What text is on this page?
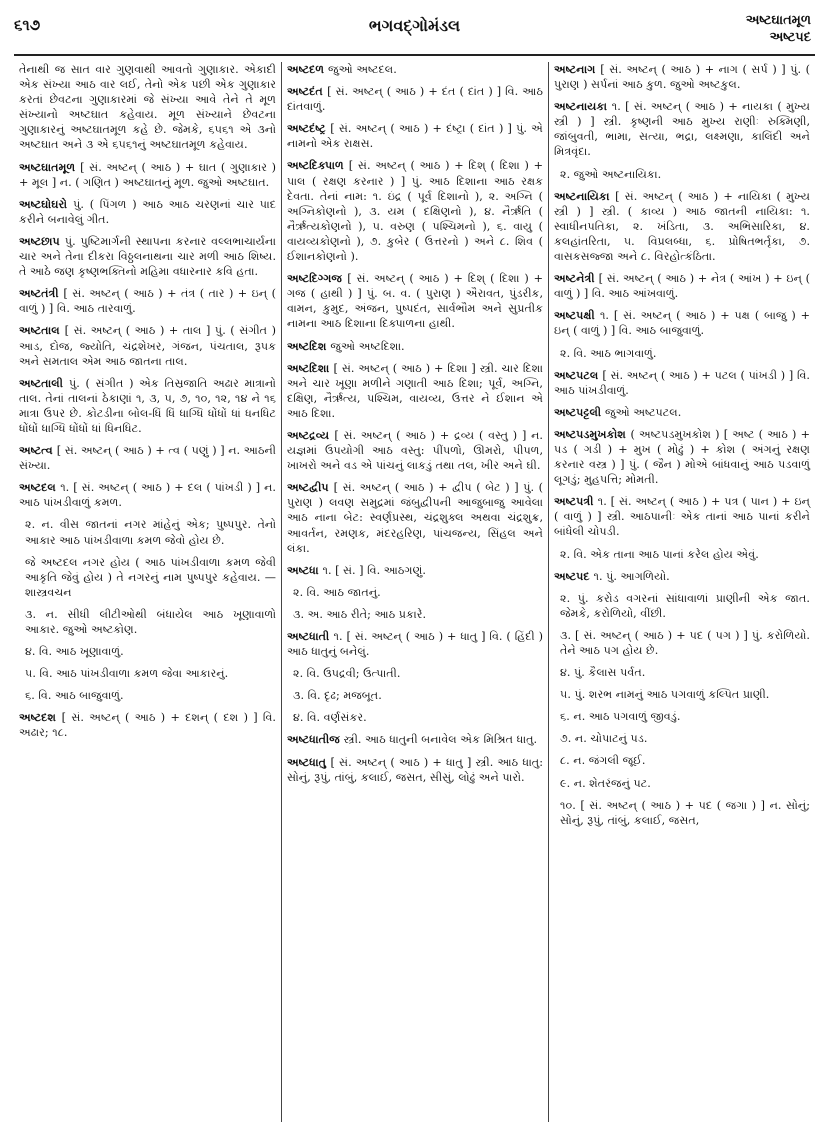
૬૧૭	ભગવદ્ગોમંડલ	અષ્ટઘાતમૂળ
અષ્ટપદ

તેનાથી જ સાત વાર ગુણવાથી આવતો ગુણાકાર. એકાદી એક સંખ્યા આઠ વાર લઈ, તેનો એક પછી એક ગુણાકાર કરતાં છેવટના ગુણાકારમાં જે સંખ્યા આવે તેને તે મૂળ સંખ્યાનો અષ્ટઘાત કહેવાય. મૂળ સંખ્યાને છેવટના ગુણાકારનું અષ્ટઘાતમૂળ કહે છે. જેમકે, ૬૫૬૧ એ ૩નો અષ્ટઘાત અને ૩ એ ૬૫૬૧નું અષ્ટઘાતમૂળ કહેવાય.

અષ્ટઘાતમૂળ [ સં. અષ્ટન્ ( આઠ ) + ઘાત ( ગુણાકાર ) + મૂલ ] ન. ( ગણિત ) અષ્ટઘાતનું મૂળ. જુઓ અષ્ટઘાત.

અષ્ટઘોઘરો પું. ( પિંગળ ) આઠ આઠ ચરણનાં ચાર પાદ કરીને બનાવેલું ગીત.

અષ્ટછાપ પું. પુષ્ટિમાર્ગની સ્થાપના કરનાર વલ્લભાચાર્યના ચાર અને તેના દીકરા વિઠ્ઠલનાથના ચાર મળી આઠ શિષ્ય. તે આઠે જણ કૃષ્ણભક્તિનો મહિમા વધારનાર કવિ હતા.

અષ્ટતંત્રી [ સં. અષ્ટન્ ( આઠ ) + તંત્ર ( તાર ) + ઇન્ ( વાળું ) ] વિ. આઠ તારવાળું.

અષ્ટતાલ [ સં. અષ્ટન્ ( આઠ ) + તાલ ] પું. ( સંગીત ) આડ, દોજ, જ્યોતિ, ચંદ્રશેખર, ગંજન, પંચતાલ, રૂપક અને સમતાલ એમ આઠ જાતના તાલ.

અષ્ટતાલી પું. ( સંગીત ) એક તિસ્રજાતિ અઢાર માત્રાનો તાલ. તેનાં તાલનાં ઠેકાણાં ૧, ૩, ૫, ૭, ૧૦, ૧૨, ૧૪ ને ૧૬ માત્રા ઉપર છે. કોટડીના બોલ-ધિં ધિં ધાગ્ધિ ધોંધોં ધાં ધનધિટ ધોંધોં ધાગ્ધિ ધોંધોં ધાં ધિનધિટ.

અષ્ટત્વ [ સં. અષ્ટન્ ( આઠ ) + ત્વ ( પણું ) ] ન. આઠની સંખ્યા.

અષ્ટદલ ૧. [ સં. અષ્ટન્ ( આઠ ) + દલ ( પાંખડી ) ] ન. આઠ પાંખડીવાળું કમળ.

૨. ન. વીસ જાતનાં નગર માંહેનું એક; પુષ્પપુર. તેનો આકાર આઠ પાંખડીવાળા કમળ જેવો હોય છે.

જે અષ્ટદલ નગર હોય ( આઠ પાંખડીવાળા કમળ જેવી આકૃતિ જેવું હોય ) તે નગરનું નામ પુષ્પપુર કહેવાય. — શાસ્ત્રવચન

૩. ન. સીધી લીટીઓથી બંધાયેલ આઠ ખૂણાવાળો આકાર. જુઓ અષ્ટકોણ.

૪. વિ. આઠ ખૂણાવાળું.

૫. વિ. આઠ પાંખડીવાળા કમળ જેવા આકારનું.

૬. વિ. આઠ બાજુવાળું.

અષ્ટદશ [ સં. અષ્ટન્ ( આઠ ) + દશન્ ( દશ ) ] વિ. અઢાર; ૧૮.

અષ્ટદળ જુઓ અષ્ટદલ.

અષ્ટદંત [ સં. અષ્ટન્ ( આઠ ) + દંત ( દાંત ) ] વિ. આઠ દાંતવાળું.

અષ્ટદંષ્ટ્ર [ સં. અષ્ટન્ ( આઠ ) + દંષ્ટ્રા ( દાંત ) ] પું. એ નામનો એક રાક્ષસ.

અષ્ટદિક્પાળ [ સં. અષ્ટન્ ( આઠ ) + દિશ્ ( દિશા ) + પાલ ( રક્ષણ કરનાર ) ] પું. આઠ દિશાના આઠ રક્ષક દેવતા. તેનાં નામ: ૧. ઇંદ્ર ( પૂર્વ દિશાનો ), ૨. અગ્નિ ( અગ્નિકોણનો ), ૩. યમ ( દક્ષિણનો ), ૪. નૈર્ઋતિ ( નૈર્ઋત્યકોણનો ), ૫. વરુણ ( પશ્ચિમનો ), ૬. વાયુ ( વાયવ્યકોણનો ), ૭. કુબેર ( ઉત્તરનો ) અને ૮. શિવ ( ઈશાનકોણનો ).

અષ્ટદિગ્ગજ [ સં. અષ્ટન્ ( આઠ ) + દિશ્ ( દિશા ) + ગજ ( હાથી ) ] પું. બ. વ. ( પુરાણ ) ઐરાવત, પુંડરીક, વામન, કુમુદ, અંજન, પુષ્પદંત, સાર્વભૌમ અને સુપ્રતીક નામના આઠ દિશાના દિક્પાળના હાથી.

અષ્ટદિશ જુઓ અષ્ટદિશા.

અષ્ટદિશા [ સં. અષ્ટન્ ( આઠ ) + દિશા ] સ્ત્રી. ચાર દિશા અને ચાર ખૂણા મળીને ગણાતી આઠ દિશા; પૂર્વ, અગ્નિ, દક્ષિણ, નૈર્ઋત્ય, પશ્ચિમ, વાયવ્ય, ઉત્તર ને ઈશાન એ આઠ દિશા.

અષ્ટદ્રવ્ય [ સં. અષ્ટન્ ( આઠ ) + દ્રવ્ય ( વસ્તુ ) ] ન. યજ્ઞમાં ઉપયોગી આઠ વસ્તુ: પીંપળો, ઊમરો, પીપળ, ખાખરો અને વડ એ પાંચનું લાકડું તથા તલ, ખીર અને ઘી.

અષ્ટદ્વીપ [ સં. અષ્ટન્ ( આઠ ) + દ્વીપ ( બેટ ) ] પું. ( પુરાણ ) લવણ સમુદ્રમાં જંબુદ્વીપની આજુબાજુ આવેલા આઠ નાના બેટ: સ્વર્ણપ્રસ્થ, ચંદ્રશુક્લ અથવા ચંદ્રશુક્ર, આવર્તન, રમણક, મંદરહરિણ, પાંચજન્ય, સિંહલ અને લંકા.

અષ્ટધા ૧. [ સં. ] વિ. આઠગણું.

૨. વિ. આઠ જાતનું.

૩. અ. આઠ રીતે; આઠ પ્રકારે.

અષ્ટધાતી ૧. [ સં. અષ્ટન્ ( આઠ ) + ધાતુ ] વિ. ( હિંદી ) આઠ ધાતુનું બનેલું.

૨. વિ. ઉપદ્રવી; ઉત્પાતી.

૩. વિ. દૃઢ; મજબૂત.

૪. વિ. વર્ણસંકર.

અષ્ટધાતીજ સ્ત્રી. આઠ ધાતુની બનાવેલ એક મિશ્રિત ધાતુ.

અષ્ટધાતુ [ સં. અષ્ટન્ ( આઠ ) + ધાતુ ] સ્ત્રી. આઠ ધાતુ: સોનું, રૂપું, તાંબું, કલાઈ, જસત, સીસું, લોઢું અને પારો.

અષ્ટનાગ [ સં. અષ્ટન્ ( આઠ ) + નાગ ( સર્પ ) ] પું. ( પુરાણ ) સર્પનાં આઠ કુળ. જુઓ અષ્ટકુલ.

અષ્ટનાયકા ૧. [ સં. અષ્ટન્ ( આઠ ) + નાયકા ( મુખ્ય સ્ત્રી ) ] સ્ત્રી. કૃષ્ણની આઠ મુખ્ય રાણીઃ રુક્મિણી, જાંબુવતી, ભામા, સત્યા, ભદ્રા, લક્ષ્મણા, કાલિંદી અને મિત્રવૃંદા.

૨. જુઓ અષ્ટનાયિકા.

અષ્ટનાયિકા [ સં. અષ્ટન્ ( આઠ ) + નાયિકા ( મુખ્ય સ્ત્રી ) ] સ્ત્રી. ( કાવ્ય ) આઠ જાતની નાયિકા: ૧. સ્વાધીનપતિકા, ૨. ખંડિતા, ૩. અભિસારિકા, ૪. કલહાંતરિતા, ૫. વિપ્રલબ્ધા, ૬. પ્રોષિતભર્તૃકા, ૭. વાસકસજ્જા અને ૮. વિરહોત્કંઠિતા.

અષ્ટનેત્રી [ સં. અષ્ટન્ ( આઠ ) + નેત્ર ( આંખ ) + ઇન્ ( વાળું ) ] વિ. આઠ આંખવાળું.

અષ્ટપક્ષી ૧. [ સં. અષ્ટન્ ( આઠ ) + પક્ષ ( બાજુ ) + ઇન્ ( વાળું ) ] વિ. આઠ બાજુવાળું.

૨. વિ. આઠ ભાગવાળું.

અષ્ટપટલ [ સં. અષ્ટન્ ( આઠ ) + પટલ ( પાંખડી ) ] વિ. આઠ પાંખડીવાળું.

અષ્ટપટ્ટલી જુઓ અષ્ટપટલ.

અષ્ટપડમુખકોશ ( અષ્ટપડમુખકોશ ) [ અષ્ટ ( આઠ ) + પડ ( ગડી ) + મુખ ( મોઢું ) + કોશ ( અંગનું રક્ષણ કરનાર વસ્ત્ર ) ] પું. ( જૈન ) મોએ બાંધવાનું આઠ પડવાળું લૂગડું; મુહપત્તિ; મોમતી.

અષ્ટપત્રી ૧. [ સં. અષ્ટન્ ( આઠ ) + પત્ર ( પાન ) + ઇન્ ( વાળું ) ] સ્ત્રી. આઠપાનીઃ એક તાનાં આઠ પાનાં કરીને બાંધેલી ચોપડી.

૨. વિ. એક તાના આઠ પાનાં કરેલ હોય એવું.

અષ્ટપદ ૧. પું. આગળિયો.

૨. પું. કરોડ વગરનાં સાંધાવાળાં પ્રાણીની એક જાત. જેમકે, કરોળિયો, વીંછી.

૩. [ સં. અષ્ટન્ ( આઠ ) + પદ ( પગ ) ] પું. કરોળિયો. તેને આઠ પગ હોય છે.

૪. પું. કૈલાસ પર્વત.

૫. પું. શરભ નામનું આઠ પગવાળું કલ્પિત પ્રાણી.

૬. ન. આઠ પગવાળું જીવડું.

૭. ન. ચોપાટનું પડ.

૮. ન. જંગલી જૂઈ.

૯. ન. શેતરંજનું પટ.

૧૦. [ સં. અષ્ટન્ ( આઠ ) + પદ ( જગા ) ] ન. સોનું; સોનું, રૂપું, તાંબું, કલાઈ, જસત,
